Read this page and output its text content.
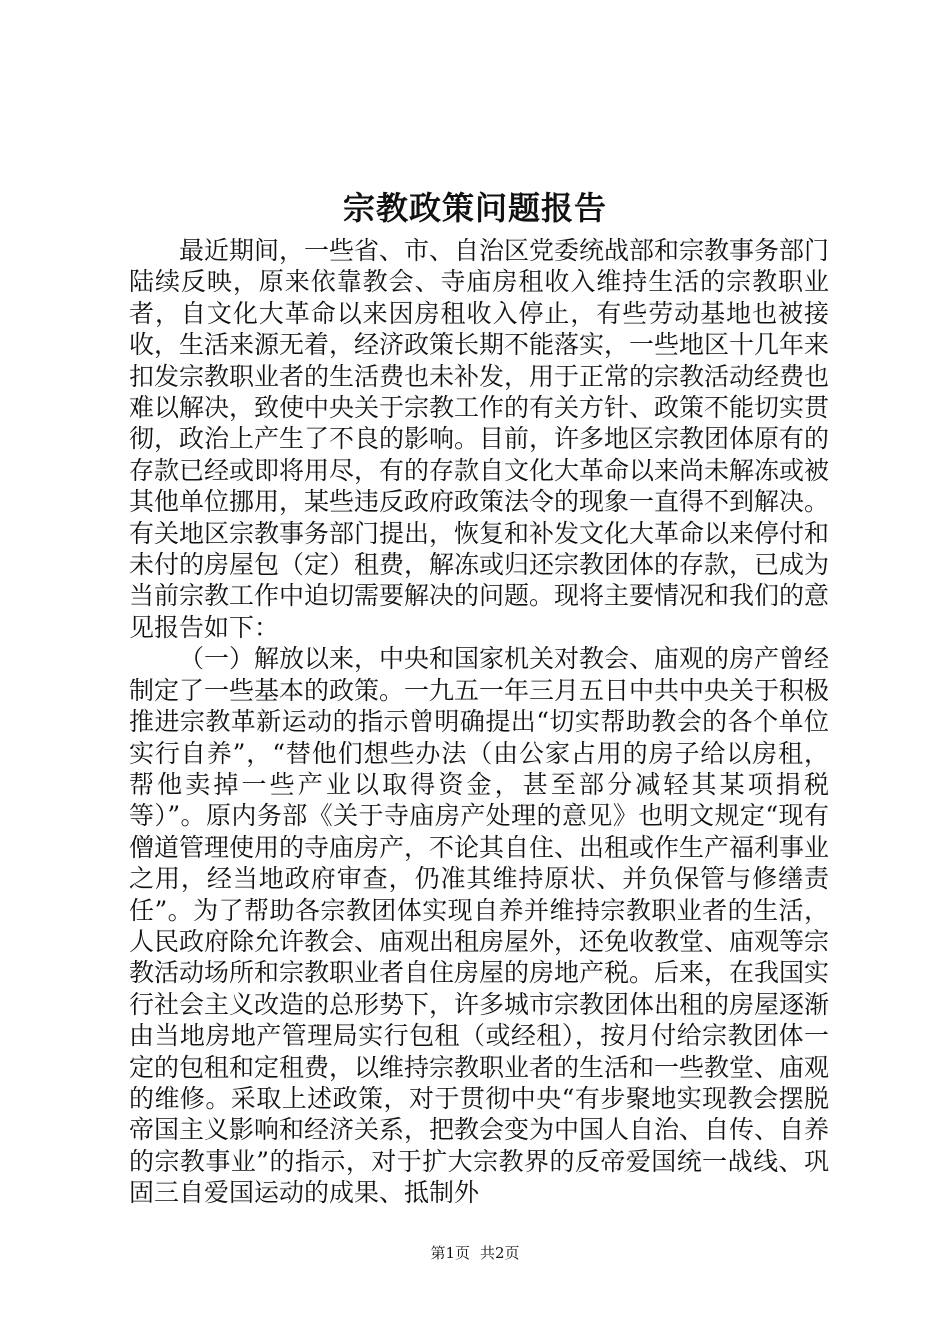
宗教政策问题报告

最近期间，一些省、市、自治区党委统战部和宗教事务部门陆续反映，原来依靠教会、寺庙房租收入维持生活的宗教职业者，自文化大革命以来因房租收入停止，有些劳动基地也被接收，生活来源无着，经济政策长期不能落实，一些地区十几年来扣发宗教职业者的生活费也未补发，用于正常的宗教活动经费也难以解决，致使中央关于宗教工作的有关方针、政策不能切实贯彻，政治上产生了不良的影响。目前，许多地区宗教团体原有的存款已经或即将用尽，有的存款自文化大革命以来尚未解冻或被其他单位挪用，某些违反政府政策法令的现象一直得不到解决。有关地区宗教事务部门提出，恢复和补发文化大革命以来停付和未付的房屋包（定）租费，解冻或归还宗教团体的存款，已成为当前宗教工作中迫切需要解决的问题。现将主要情况和我们的意见报告如下：

（一）解放以来，中央和国家机关对教会、庙观的房产曾经制定了一些基本的政策。一九五一年三月五日中共中央关于积极推进宗教革新运动的指示曾明确提出“切实帮助教会的各个单位实行自养”，“替他们想些办法（由公家占用的房子给以房租，帮他卖掉一些产业以取得资金，甚至部分减轻其某项捐税等）”。原内务部《关于寺庙房产处理的意见》也明文规定“现有僧道管理使用的寺庙房产，不论其自住、出租或作生产福利事业之用，经当地政府审查，仍准其维持原状、并负保管与修缮责任”。为了帮助各宗教团体实现自养并维持宗教职业者的生活，人民政府除允许教会、庙观出租房屋外，还免收教堂、庙观等宗教活动场所和宗教职业者自住房屋的房地产税。后来，在我国实行社会主义改造的总形势下，许多城市宗教团体出租的房屋逐渐由当地房地产管理局实行包租（或经租），按月付给宗教团体一定的包租和定租费，以维持宗教职业者的生活和一些教堂、庙观的维修。采取上述政策，对于贯彻中央“有步聚地实现教会摆脱帝国主义影响和经济关系，把教会变为中国人自治、自传、自养的宗教事业”的指示，对于扩大宗教界的反帝爱国统一战线、巩固三自爱国运动的成果、抵制外

第1页 共2页
